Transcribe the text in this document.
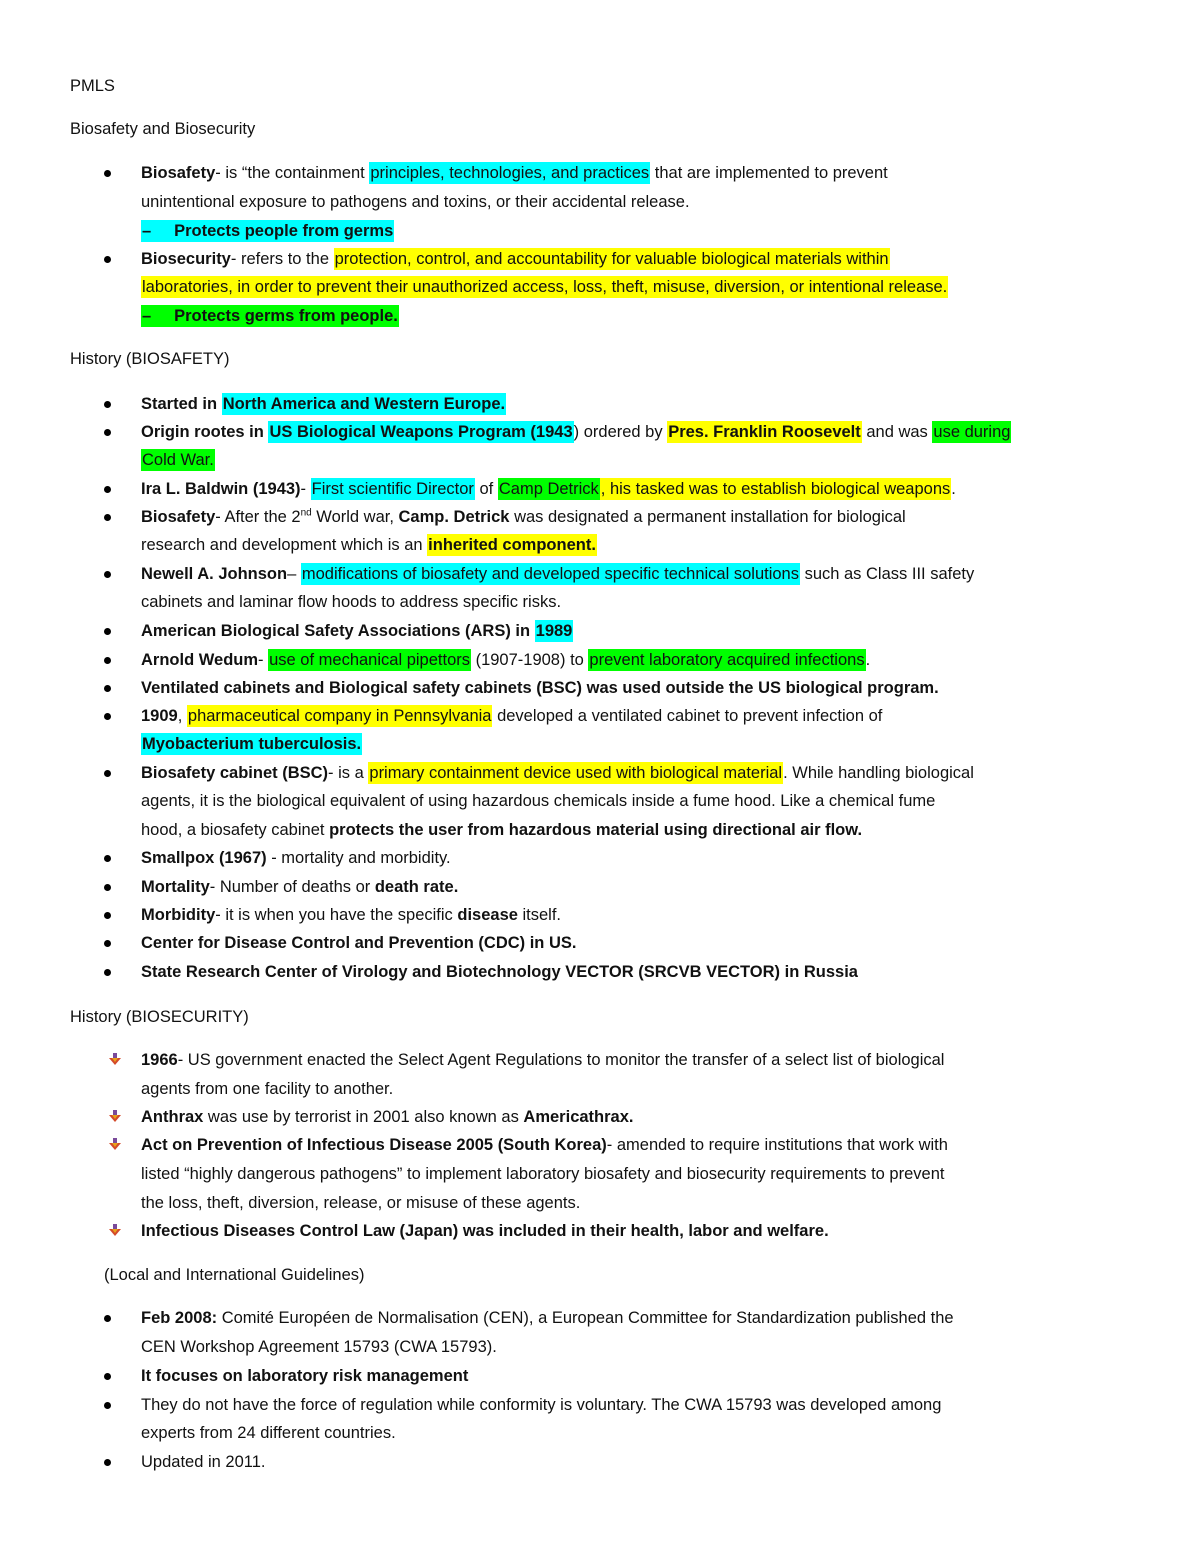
PMLS
Biosafety and Biosecurity
Biosafety- is “the containment principles, technologies, and practices that are implemented to prevent
unintentional exposure to pathogens and toxins, or their accidental release.
– Protects people from germs
Biosecurity- refers to the protection, control, and accountability for valuable biological materials within
laboratories, in order to prevent their unauthorized access, loss, theft, misuse, diversion, or intentional release.
– Protects germs from people.
History (BIOSAFETY)
Started in North America and Western Europe.
Origin rootes in US Biological Weapons Program (1943) ordered by Pres. Franklin Roosevelt and was use during
Cold War.
Ira L. Baldwin (1943)- First scientific Director of Camp Detrick , his tasked was to establish biological weapons.
Biosafety- After the 2nd World war, Camp. Detrick was designated a permanent installation for biological
research and development which is an inherited component.
Newell A. Johnson– modifications of biosafety and developed specific technical solutions such as Class III safety
cabinets and laminar flow hoods to address specific risks.
American Biological Safety Associations (ARS) in 1989
Arnold Wedum- use of mechanical pipettors (1907-1908) to prevent laboratory acquired infections.
Ventilated cabinets and Biological safety cabinets (BSC) was used outside the US biological program.
1909, pharmaceutical company in Pennsylvania developed a ventilated cabinet to prevent infection of
Myobacterium tuberculosis.
Biosafety cabinet (BSC)- is a primary containment device used with biological material. While handling biological
agents, it is the biological equivalent of using hazardous chemicals inside a fume hood. Like a chemical fume
hood, a biosafety cabinet protects the user from hazardous material using directional air flow.
Smallpox (1967) - mortality and morbidity.
Mortality- Number of deaths or death rate.
Morbidity- it is when you have the specific disease itself.
Center for Disease Control and Prevention (CDC) in US.
State Research Center of Virology and Biotechnology VECTOR (SRCVB VECTOR) in Russia
History (BIOSECURITY)
1966- US government enacted the Select Agent Regulations to monitor the transfer of a select list of biological
agents from one facility to another.
Anthrax was use by terrorist in 2001 also known as Americathrax.
Act on Prevention of Infectious Disease 2005 (South Korea)- amended to require institutions that work with
listed “highly dangerous pathogens” to implement laboratory biosafety and biosecurity requirements to prevent
the loss, theft, diversion, release, or misuse of these agents.
Infectious Diseases Control Law (Japan) was included in their health, labor and welfare.
(Local and International Guidelines)
Feb 2008: Comité Européen de Normalisation (CEN), a European Committee for Standardization published the
CEN Workshop Agreement 15793 (CWA 15793).
It focuses on laboratory risk management
They do not have the force of regulation while conformity is voluntary. The CWA 15793 was developed among
experts from 24 different countries.
Updated in 2011.
